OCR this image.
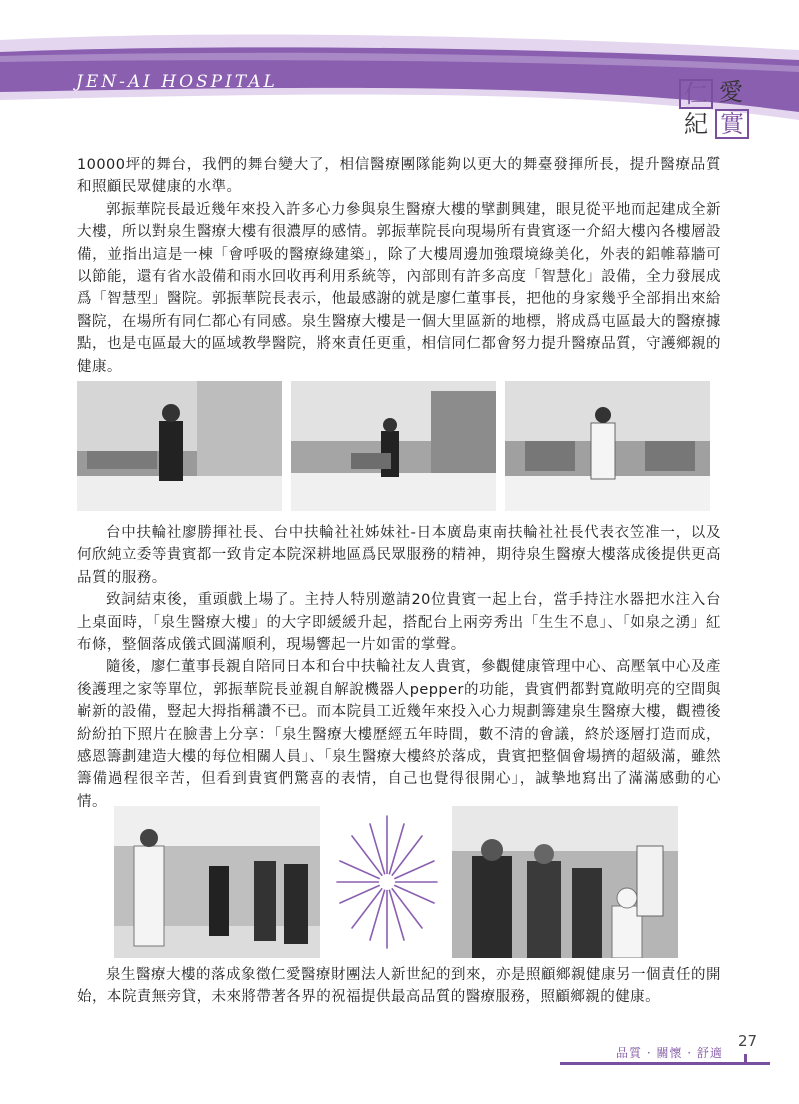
JEN-AI HOSPITAL	仁 愛
紀 實

10000坪的舞台，我們的舞台變大了，相信醫療團隊能夠以更大的舞臺發揮所長，提升醫療品質和照顧民眾健康的水準。

郭振華院長最近幾年來投入許多心力參與泉生醫療大樓的擘劃興建，眼見從平地而起建成全新大樓，所以對泉生醫療大樓有很濃厚的感情。郭振華院長向現場所有貴賓逐一介紹大樓內各樓層設備，並指出這是一棟「會呼吸的醫療綠建築」，除了大樓周邊加強環境綠美化，外表的鋁帷幕牆可以節能，還有省水設備和雨水回收再利用系統等，內部則有許多高度「智慧化」設備，全力發展成爲「智慧型」醫院。郭振華院長表示，他最感謝的就是廖仁董事長，把他的身家幾乎全部捐出來給醫院，在場所有同仁都心有同感。泉生醫療大樓是一個大里區新的地標，將成爲屯區最大的醫療據點，也是屯區最大的區域教學醫院，將來責任更重，相信同仁都會努力提升醫療品質，守護鄉親的健康。

台中扶輪社廖勝揮社長、台中扶輪社社姊妹社-日本廣島東南扶輪社社長代表衣笠准一，以及何欣純立委等貴賓都一致肯定本院深耕地區爲民眾服務的精神，期待泉生醫療大樓落成後提供更高品質的服務。

致詞結束後，重頭戲上場了。主持人特別邀請20位貴賓一起上台，當手持注水器把水注入台上桌面時，「泉生醫療大樓」的大字即緩緩升起，搭配台上兩旁秀出「生生不息」、「如泉之湧」紅布條，整個落成儀式圓滿順利，現場響起一片如雷的掌聲。

隨後，廖仁董事長親自陪同日本和台中扶輪社友人貴賓，參觀健康管理中心、高壓氧中心及產後護理之家等單位，郭振華院長並親自解說機器人pepper的功能，貴賓們都對寬敞明亮的空間與嶄新的設備，豎起大拇指稱讚不已。而本院員工近幾年來投入心力規劃籌建泉生醫療大樓，觀禮後紛紛拍下照片在臉書上分享：「泉生醫療大樓歷經五年時間，數不清的會議，終於逐層打造而成，感恩籌劃建造大樓的每位相關人員」、「泉生醫療大樓終於落成，貴賓把整個會場擠的超級滿，雖然籌備過程很辛苦，但看到貴賓們驚喜的表情，自己也覺得很開心」，誠摯地寫出了滿滿感動的心情。

泉生醫療大樓的落成象徵仁愛醫療財團法人新世紀的到來，亦是照顧鄉親健康另一個責任的開始，本院責無旁貸，未來將帶著各界的祝福提供最高品質的醫療服務，照顧鄉親的健康。

品質 · 關懷 · 舒適
27
